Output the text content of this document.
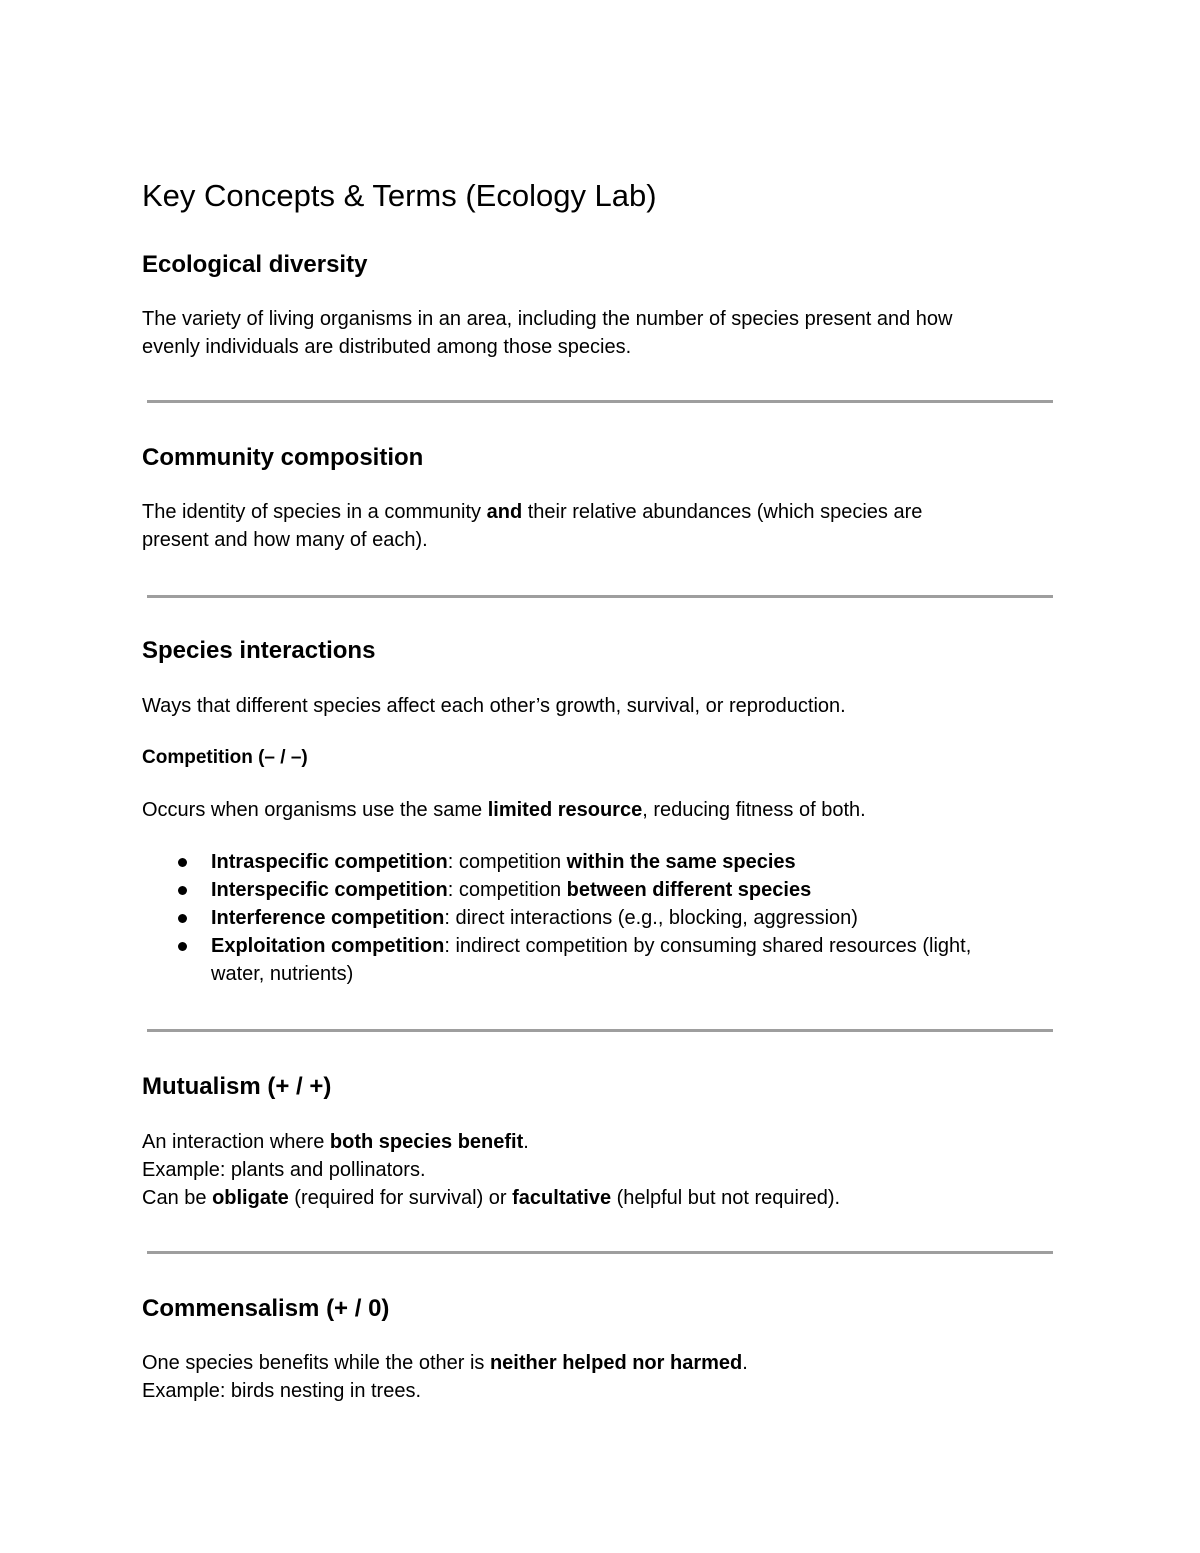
Key Concepts & Terms (Ecology Lab)
Ecological diversity
The variety of living organisms in an area, including the number of species present and how
evenly individuals are distributed among those species.
Community composition
The identity of species in a community and their relative abundances (which species are
present and how many of each).
Species interactions
Ways that different species affect each other’s growth, survival, or reproduction.
Competition (– / –)
Occurs when organisms use the same limited resource, reducing fitness of both.
Intraspecific competition: competition within the same species
Interspecific competition: competition between different species
Interference competition: direct interactions (e.g., blocking, aggression)
Exploitation competition: indirect competition by consuming shared resources (light,
water, nutrients)
Mutualism (+ / +)
An interaction where both species benefit.
Example: plants and pollinators.
Can be obligate (required for survival) or facultative (helpful but not required).
Commensalism (+ / 0)
One species benefits while the other is neither helped nor harmed.
Example: birds nesting in trees.
